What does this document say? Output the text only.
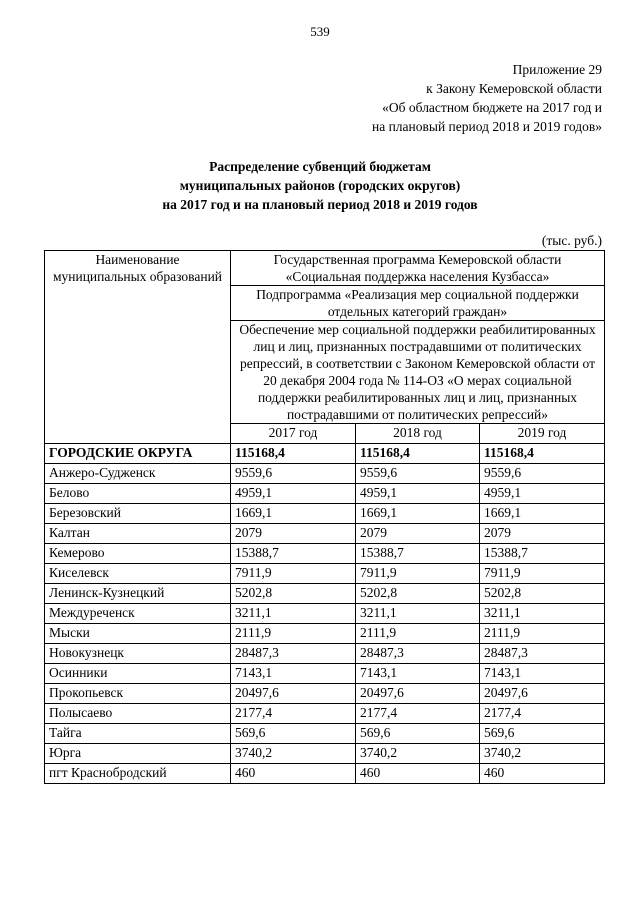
539
Приложение 29
к Закону Кемеровской области
«Об областном бюджете на 2017 год и
на плановый период 2018 и 2019 годов»
Распределение субвенций бюджетам
муниципальных районов (городских округов)
на 2017 год и на плановый период 2018 и 2019 годов
(тыс. руб.)
Наименование муниципальных образований	Государственная программа Кемеровской области «Социальная поддержка населения Кузбасса»		
	Подпрограмма «Реализация мер социальной поддержки отдельных категорий граждан»		
	Обеспечение мер социальной поддержки реабилитированных лиц и лиц, признанных пострадавшими от политических репрессий, в соответствии с Законом Кемеровской области от 20 декабря 2004 года № 114-ОЗ «О мерах социальной поддержки реабилитированных лиц и лиц, признанных пострадавшими от политических репрессий»		
	2017 год	2018 год	2019 год
ГОРОДСКИЕ ОКРУГА	115168,4	115168,4	115168,4
Анжеро-Судженск	9559,6	9559,6	9559,6
Белово	4959,1	4959,1	4959,1
Березовский	1669,1	1669,1	1669,1
Калтан	2079	2079	2079
Кемерово	15388,7	15388,7	15388,7
Киселевск	7911,9	7911,9	7911,9
Ленинск-Кузнецкий	5202,8	5202,8	5202,8
Междуреченск	3211,1	3211,1	3211,1
Мыски	2111,9	2111,9	2111,9
Новокузнецк	28487,3	28487,3	28487,3
Осинники	7143,1	7143,1	7143,1
Прокопьевск	20497,6	20497,6	20497,6
Полысаево	2177,4	2177,4	2177,4
Тайга	569,6	569,6	569,6
Юрга	3740,2	3740,2	3740,2
пгт Краснобродский	460	460	460
